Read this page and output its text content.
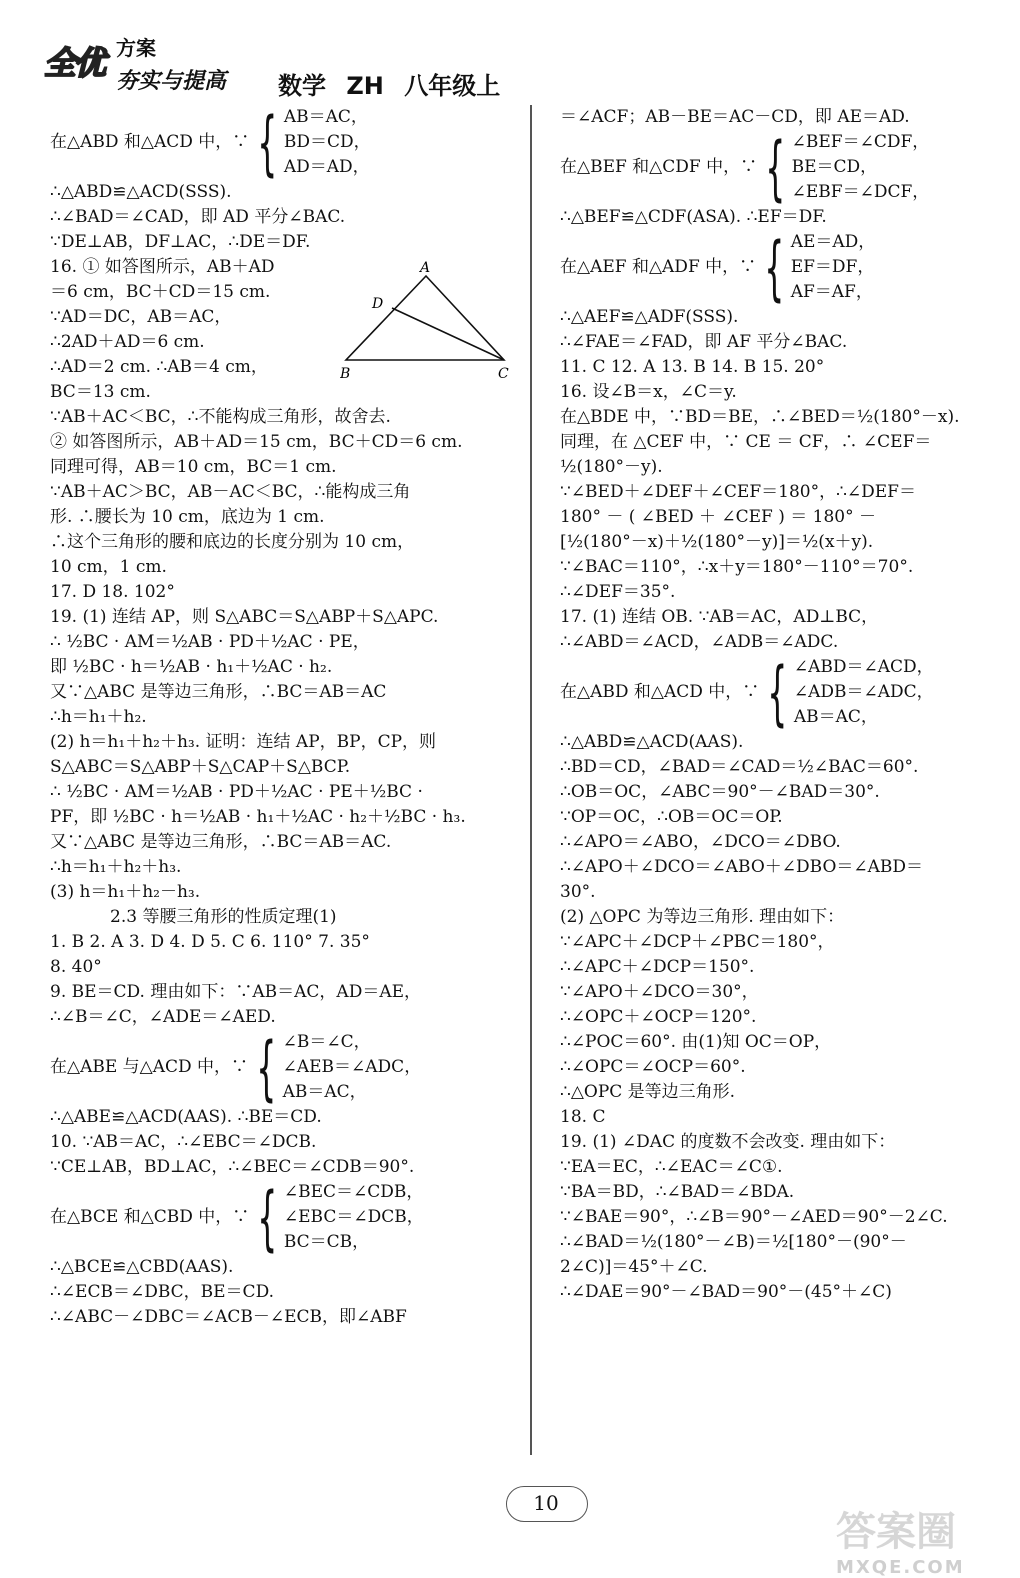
全优 方案
夯实与提高 数学 ZH 八年级上
在△ABD 和△ACD 中，∵ { AB＝AC，
BD＝CD，
AD＝AD，
∴△ABD≌△ACD(SSS).
∴∠BAD＝∠CAD，即 AD 平分∠BAC.
∵DE⊥AB，DF⊥AC，∴DE＝DF.
16. ① 如答图所示，AB＋AD
＝6 cm，BC＋CD＝15 cm.
∵AD＝DC，AB＝AC，
∴2AD＋AD＝6 cm.
∴AD＝2 cm. ∴AB＝4 cm，
BC＝13 cm.
∵AB＋AC＜BC，∴不能构成三角形，故舍去.
② 如答图所示，AB＋AD＝15 cm，BC＋CD＝6 cm.
同理可得，AB＝10 cm，BC＝1 cm.
∵AB＋AC＞BC，AB－AC＜BC，∴能构成三角
形. ∴腰长为 10 cm，底边为 1 cm.
∴这个三角形的腰和底边的长度分别为 10 cm，
10 cm，1 cm.
17. D 18. 102°
19. (1) 连结 AP，则 S△ABC＝S△ABP＋S△APC.
∴ ½BC · AM＝½AB · PD＋½AC · PE，
即 ½BC · h＝½AB · h₁＋½AC · h₂.
又∵△ABC 是等边三角形，∴BC＝AB＝AC
∴h＝h₁＋h₂.
(2) h＝h₁＋h₂＋h₃. 证明：连结 AP，BP，CP，则
S△ABC＝S△ABP＋S△CAP＋S△BCP.
∴ ½BC · AM＝½AB · PD＋½AC · PE＋½BC ·
PF，即 ½BC · h＝½AB · h₁＋½AC · h₂＋½BC · h₃.
又∵△ABC 是等边三角形，∴BC＝AB＝AC.
∴h＝h₁＋h₂＋h₃.
(3) h＝h₁＋h₂－h₃.
2.3 等腰三角形的性质定理(1)
1. B 2. A 3. D 4. D 5. C 6. 110° 7. 35°
8. 40°
9. BE＝CD. 理由如下：∵AB＝AC，AD＝AE，
∴∠B＝∠C，∠ADE＝∠AED.
在△ABE 与△ACD 中，∵ { ∠B＝∠C，
∠AEB＝∠ADC，
AB＝AC，
∴△ABE≌△ACD(AAS). ∴BE＝CD.
10. ∵AB＝AC，∴∠EBC＝∠DCB.
∵CE⊥AB，BD⊥AC，∴∠BEC＝∠CDB＝90°.
在△BCE 和△CBD 中，∵ { ∠BEC＝∠CDB，
∠EBC＝∠DCB，
BC＝CB，
∴△BCE≌△CBD(AAS).
∴∠ECB＝∠DBC，BE＝CD.
∴∠ABC－∠DBC＝∠ACB－∠ECB，即∠ABF
＝∠ACF；AB－BE＝AC－CD，即 AE＝AD.
在△BEF 和△CDF 中，∵ { ∠BEF＝∠CDF，
BE＝CD，
∠EBF＝∠DCF，
∴△BEF≌△CDF(ASA). ∴EF＝DF.
在△AEF 和△ADF 中，∵ { AE＝AD，
EF＝DF，
AF＝AF，
∴△AEF≌△ADF(SSS).
∴∠FAE＝∠FAD，即 AF 平分∠BAC.
11. C 12. A 13. B 14. B 15. 20°
16. 设∠B＝x，∠C＝y.
在△BDE 中，∵BD＝BE，∴∠BED＝½(180°－x).
同理，在 △CEF 中，∵ CE ＝ CF，∴ ∠CEF＝
½(180°－y).
∵∠BED＋∠DEF＋∠CEF＝180°，∴∠DEF＝
180° － ( ∠BED ＋ ∠CEF ) ＝ 180° －
[½(180°－x)＋½(180°－y)]＝½(x＋y).
∵∠BAC＝110°，∴x＋y＝180°－110°＝70°.
∴∠DEF＝35°.
17. (1) 连结 OB. ∵AB＝AC，AD⊥BC，
∴∠ABD＝∠ACD，∠ADB＝∠ADC.
在△ABD 和△ACD 中，∵ { ∠ABD＝∠ACD，
∠ADB＝∠ADC，
AB＝AC，
∴△ABD≌△ACD(AAS).
∴BD＝CD，∠BAD＝∠CAD＝½∠BAC＝60°.
∴OB＝OC，∠ABC＝90°－∠BAD＝30°.
∵OP＝OC，∴OB＝OC＝OP.
∴∠APO＝∠ABO，∠DCO＝∠DBO.
∴∠APO＋∠DCO＝∠ABO＋∠DBO＝∠ABD＝
30°.
(2) △OPC 为等边三角形. 理由如下：
∵∠APC＋∠DCP＋∠PBC＝180°，
∴∠APC＋∠DCP＝150°.
∵∠APO＋∠DCO＝30°，
∴∠OPC＋∠OCP＝120°.
∴∠POC＝60°. 由(1)知 OC＝OP，
∴∠OPC＝∠OCP＝60°.
∴△OPC 是等边三角形.
18. C
19. (1) ∠DAC 的度数不会改变. 理由如下：
∵EA＝EC，∴∠EAC＝∠C①.
∵BA＝BD，∴∠BAD＝∠BDA.
∵∠BAE＝90°，∴∠B＝90°－∠AED＝90°－2∠C.
∴∠BAD＝½(180°－∠B)＝½[180°－(90°－
2∠C)]＝45°＋∠C.
∴∠DAE＝90°－∠BAD＝90°－(45°＋∠C)
A
D
B	C
10
答案圈
MXQE.COM
